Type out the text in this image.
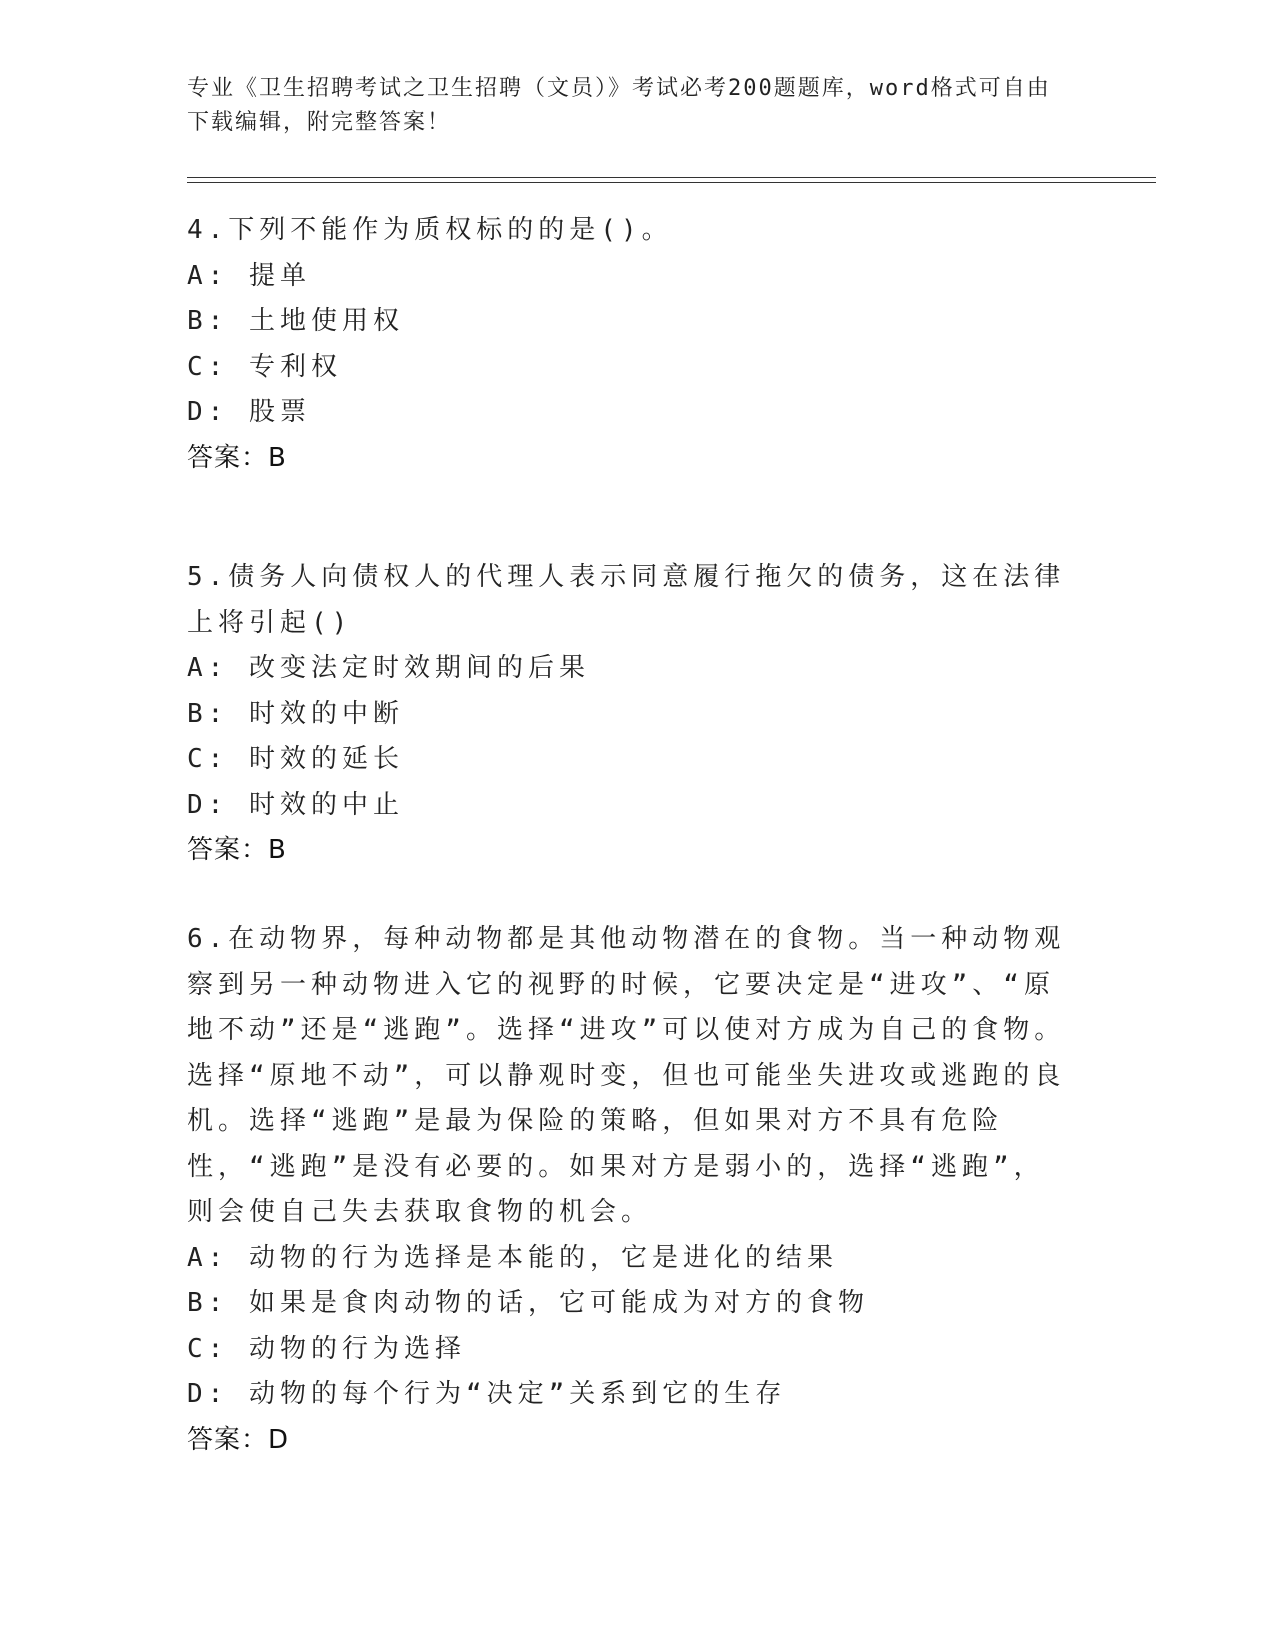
专业《卫生招聘考试之卫生招聘（文员）》考试必考200题题库，word格式可自由下载编辑，附完整答案！
4.下列不能作为质权标的的是()。
A: 提单
B: 土地使用权
C: 专利权
D: 股票
答案：B
5.债务人向债权人的代理人表示同意履行拖欠的债务，这在法律上将引起()
A: 改变法定时效期间的后果
B: 时效的中断
C: 时效的延长
D: 时效的中止
答案：B
6.在动物界，每种动物都是其他动物潜在的食物。当一种动物观察到另一种动物进入它的视野的时候，它要决定是“进攻”、“原地不动”还是“逃跑”。选择“进攻”可以使对方成为自己的食物。选择“原地不动”，可以静观时变，但也可能坐失进攻或逃跑的良机。选择“逃跑”是最为保险的策略，但如果对方不具有危险性，“逃跑”是没有必要的。如果对方是弱小的，选择“逃跑”，则会使自己失去获取食物的机会。
A: 动物的行为选择是本能的，它是进化的结果
B: 如果是食肉动物的话，它可能成为对方的食物
C: 动物的行为选择
D: 动物的每个行为“决定”关系到它的生存
答案：D
